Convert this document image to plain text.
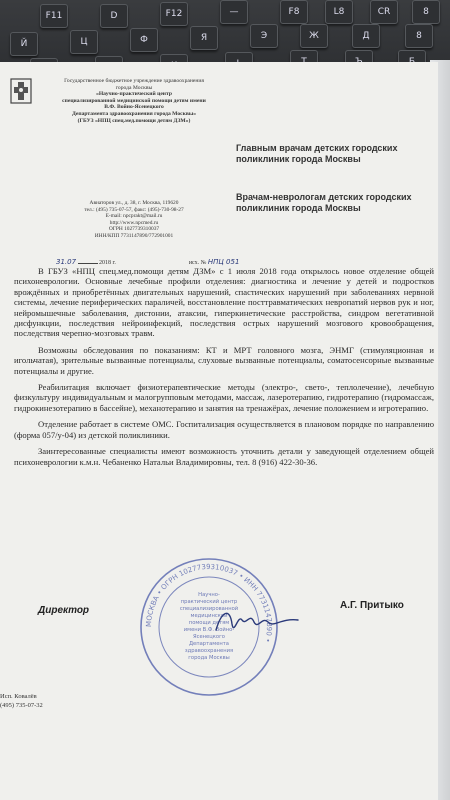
F11	D	F12	—	F8	L8	CR	8
Й	Ц	Ф	Я	Э	Ж	Д	8
Государственное бюджетное учреждение здравоохранения
города Москвы
«Научно-практический центр
специализированной медицинской помощи детям имени
В.Ф. Войно-Ясенецкого
Департамента здравоохранения города Москвы»
(ГБУЗ «НПЦ спец.мед.помощи детям ДЗМ»)
Авиаторов ул., д. 38, г. Москва, 119620
тел.: (495) 735-07-57, факс: (495)-730-98-27
E-mail: npcprakt@mail.ru
http://www.npcmed.ru
ОГРН 1027739310037
ИНН/КПП 7731147890/772901001
31.07	2018 г.	исх. № НПЦ 051
Главным врачам детских городских поликлиник города Москвы
Врачам-неврологам детских городских поликлиник города Москвы

В ГБУЗ «НПЦ спец.мед.помощи детям ДЗМ» с 1 июля 2018 года открылось новое отделение общей психоневрологии. Основные лечебные профили отделения: диагностика и лечение у детей и подростков врождённых и приобретённых двигательных нарушений, спастических нарушений при заболеваниях нервной системы, лечение периферических параличей, восстановление посттравматических невропатий нервов рук и ног, нейромышечные заболевания, дистонии, атаксии, гиперкинетические расстройства, синдром вегетативной дисфункции, последствия нейроинфекций, последствия острых нарушений мозгового кровообращения, последствия черепно-мозговых травм.

Возможны обследования по показаниям: КТ и МРТ головного мозга, ЭНМГ (стимуляционная и игольчатая), зрительные вызванные потенциалы, слуховые вызванные потенциалы, соматосенсорные вызванные потенциалы и другие.

Реабилитация включает физиотерапевтические методы (электро-, свето-, теплолечение), лечебную физкультуру индивидуальным и малогрупповым методами, массаж, лазеротерапию, гидротерапию (гидромассаж, гидрокинезотерапию в бассейне), механотерапию и занятия на тренажёрах, лечение положением и игротерапию.

Отделение работает в системе ОМС. Госпитализация осуществляется в плановом порядке по направлению (форма 057/у-04) из детской поликлиники.

Заинтересованные специалисты имеют возможность уточнить детали у заведующей отделением общей психоневрологии к.м.н. Чебаненко Натальи Владимировны, тел. 8 (916) 422-30-36.

МОСКВА • ОГРН 1027739310037 • ИНН 7731147890 •
Научно-
практический центр
специализированной
медицинской
помощи детям
имени В.Ф. Войно-
Ясенецкого
Департамента
здравоохранения
города Москвы
Директор	А.Г. Притыко
Исп. Ковалёв
(495) 735-07-32
